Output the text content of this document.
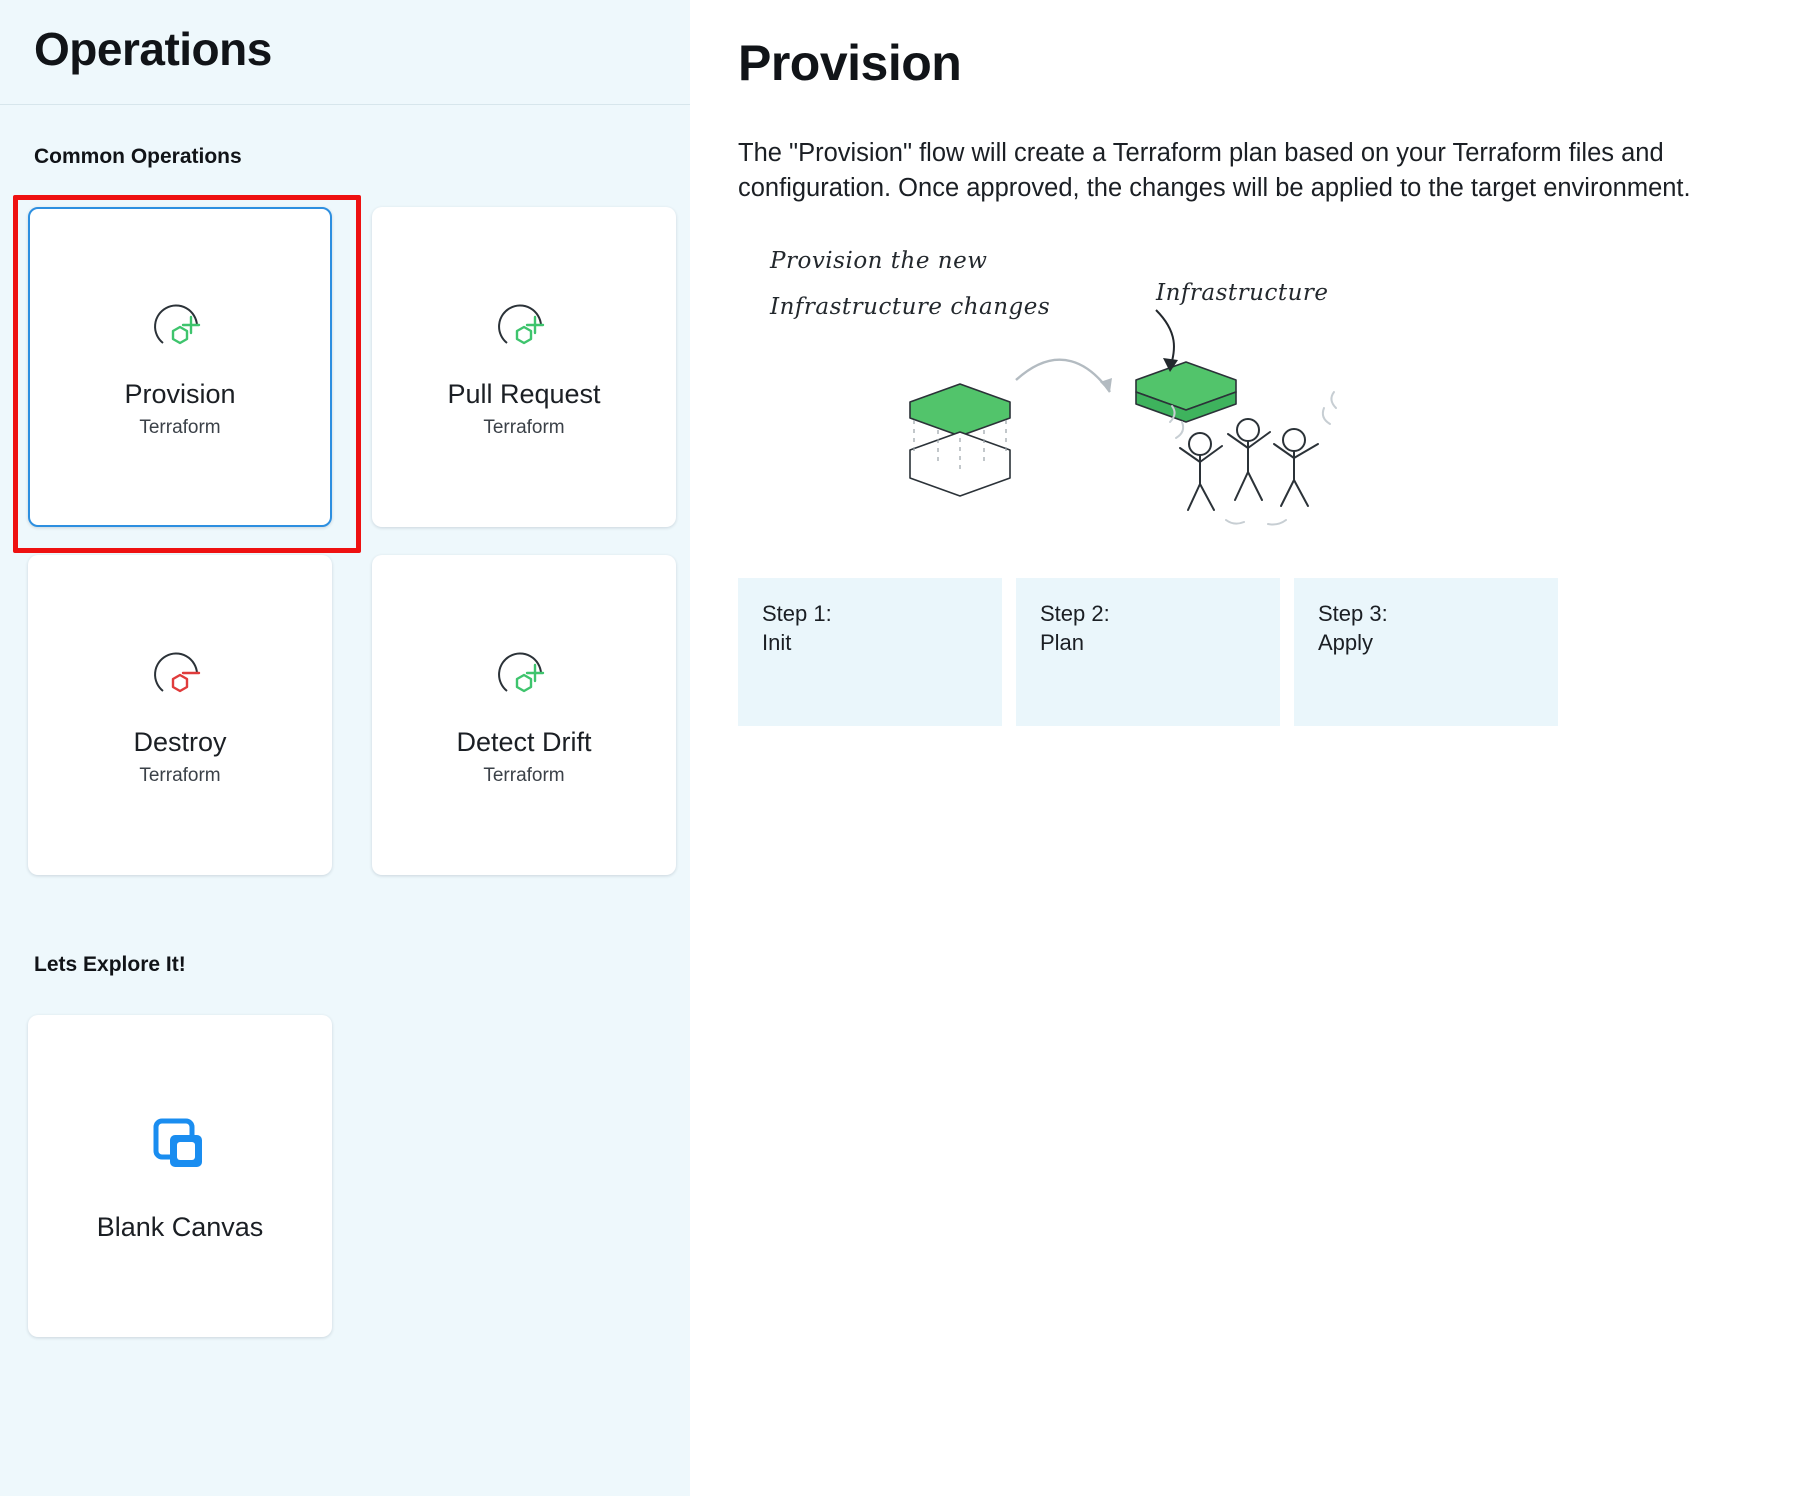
Operations
Common Operations
Provision
Terraform
Pull Request
Terraform
Destroy
Terraform
Detect Drift
Terraform
Lets Explore It!
Blank Canvas
Provision

The "Provision" flow will create a Terraform plan based on your Terraform files and configuration. Once approved, the changes will be applied to the target environment.

Provision the new
Infrastructure changes
Infrastructure
Step 1:
Init
Step 2:
Plan
Step 3:
Apply
